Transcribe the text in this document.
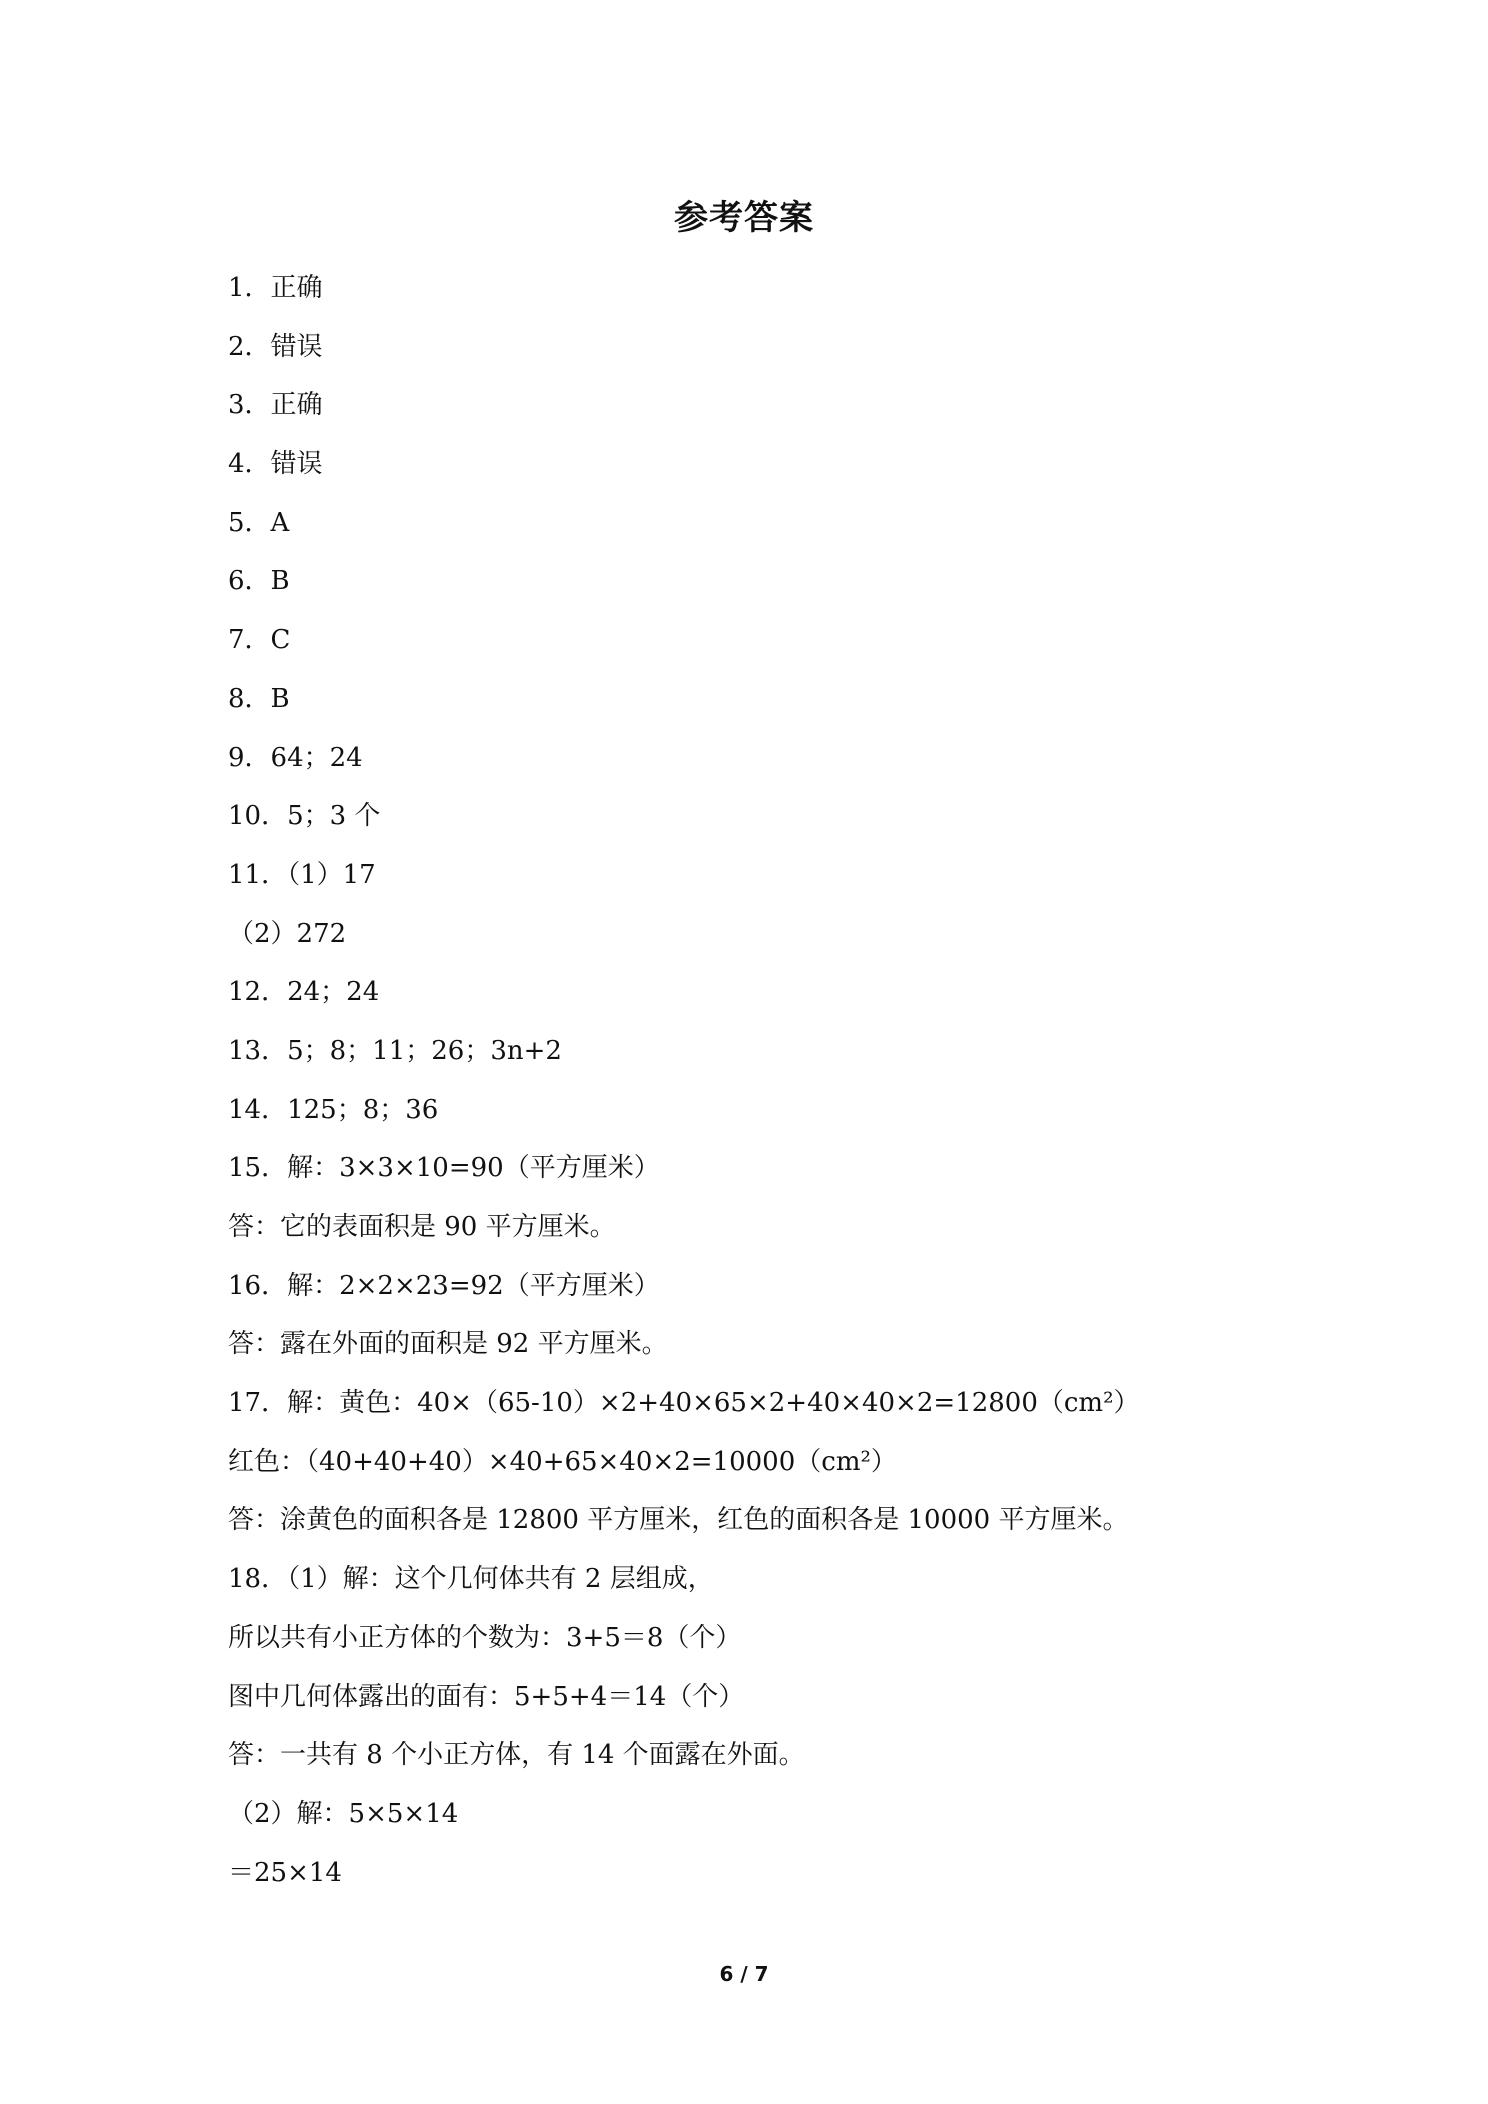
参考答案
1．正确
2．错误
3．正确
4．错误
5．A
6．B
7．C
8．B
9．64；24
10．5；3 个
11．（1）17
（2）272
12．24；24
13．5；8；11；26；3n+2
14．125；8；36
15．解：3×3×10=90（平方厘米）
答：它的表面积是 90 平方厘米。
16．解：2×2×23=92（平方厘米）
答：露在外面的面积是 92 平方厘米。
17．解：黄色：40×（65-10）×2+40×65×2+40×40×2=12800（cm²）
红色：（40+40+40）×40+65×40×2=10000（cm²）
答：涂黄色的面积各是 12800 平方厘米，红色的面积各是 10000 平方厘米。
18．（1）解：这个几何体共有 2 层组成，
所以共有小正方体的个数为：3+5＝8（个）
图中几何体露出的面有：5+5+4＝14（个）
答：一共有 8 个小正方体，有 14 个面露在外面。
（2）解：5×5×14
＝25×14
6 / 7
